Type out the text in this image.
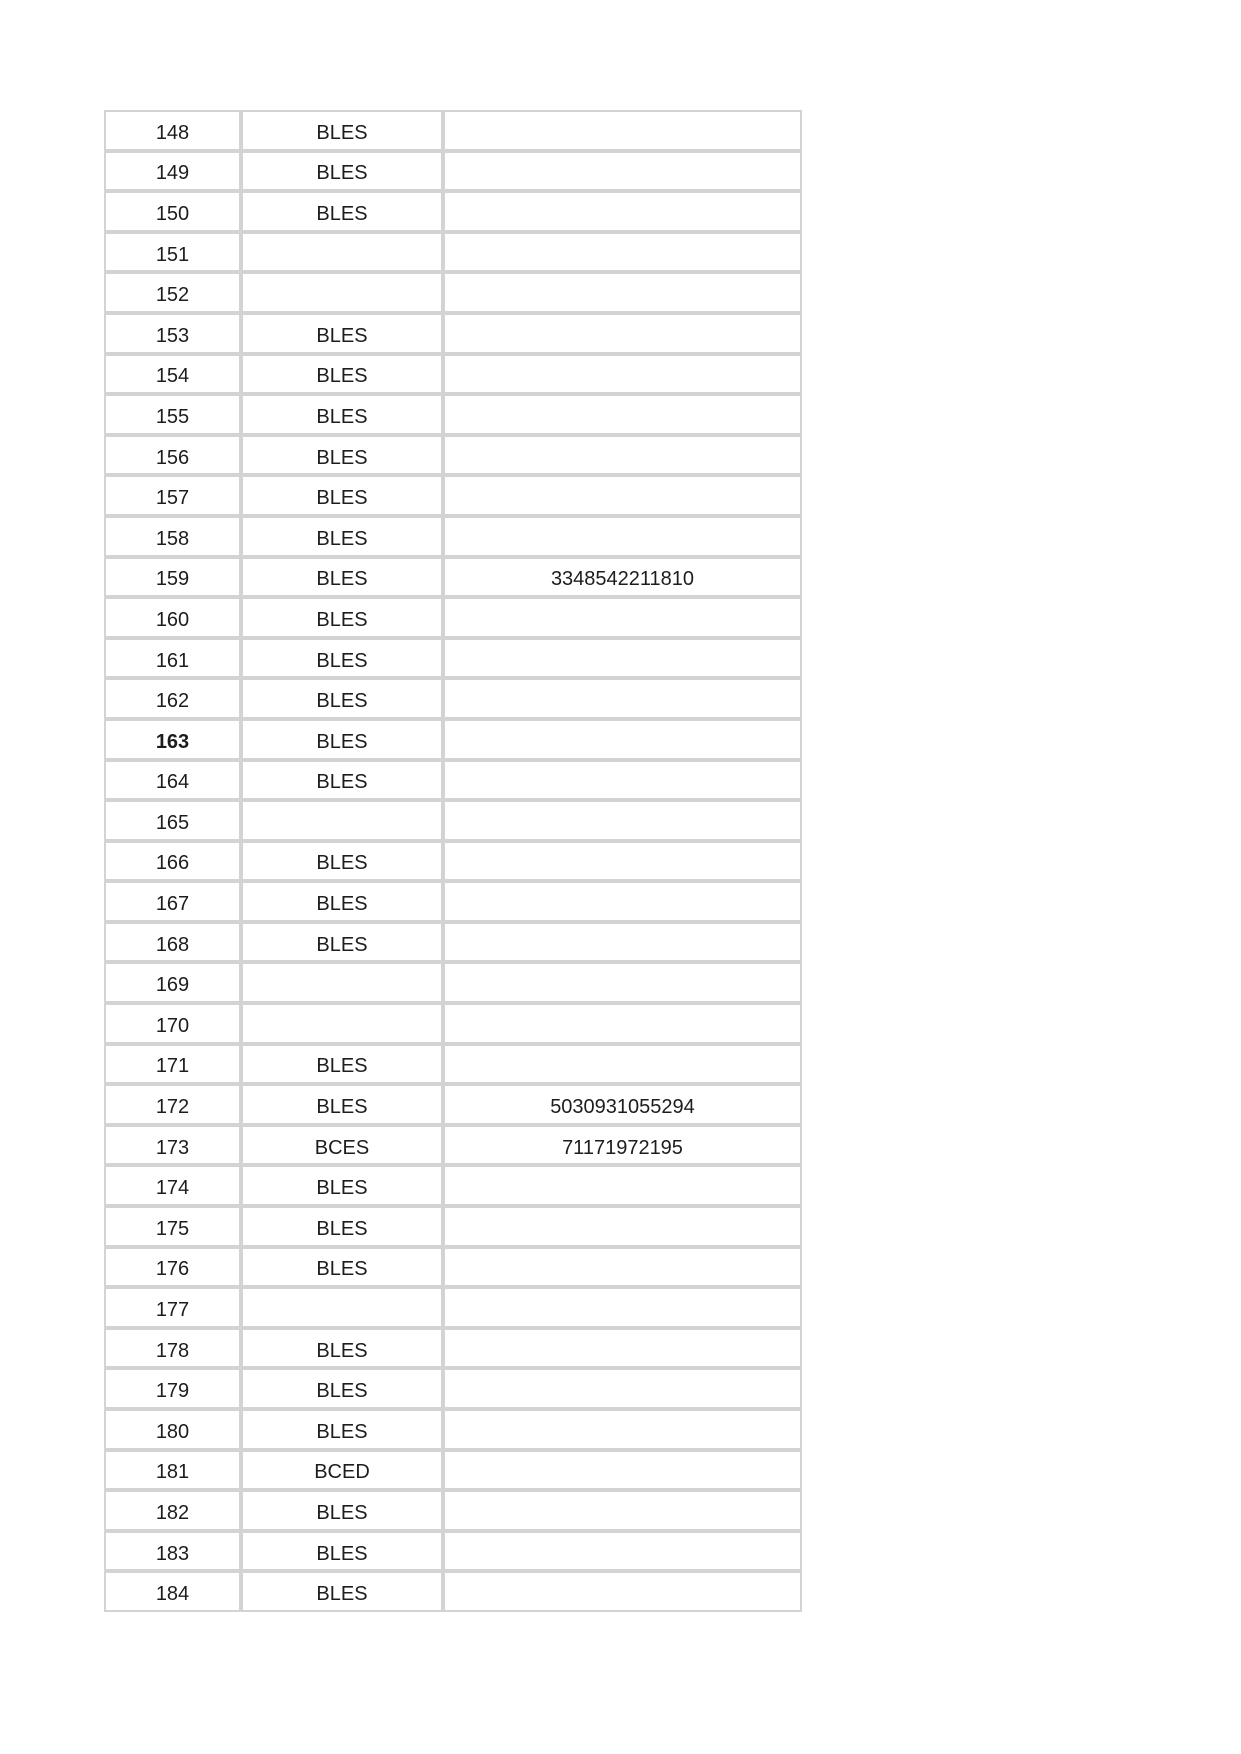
148	BLES	
149	BLES	
150	BLES	
151		
152		
153	BLES	
154	BLES	
155	BLES	
156	BLES	
157	BLES	
158	BLES	
159	BLES	3348542211810
160	BLES	
161	BLES	
162	BLES	
163	BLES	
164	BLES	
165		
166	BLES	
167	BLES	
168	BLES	
169		
170		
171	BLES	
172	BLES	5030931055294
173	BCES	71171972195
174	BLES	
175	BLES	
176	BLES	
177		
178	BLES	
179	BLES	
180	BLES	
181	BCED	
182	BLES	
183	BLES	
184	BLES	
